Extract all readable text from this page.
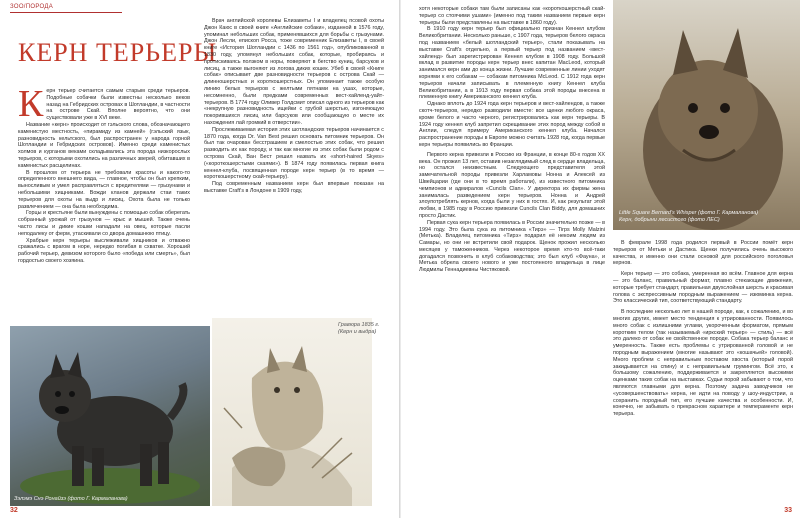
ЗОО/ПОРОДА
КЕРН ТЕРЬЕРЫ
К ерн терьер считается самым старым среди терьеров. Подобные собачки были известны несколько веков назад на Гебридских островах в Шотландии, в частности на острове Скай. Вполне вероятно, что они существовали уже в XVI веке.

Название «керн» происходит от гэльского слова, обозначающего каменистую местность, «пирамиду из камней» (гэльский язык, разновидность кельтского, был распространен у народа горной Шотландии и Гебридских островов). Именно среди каменистых холмов и курганов веками складывались эта порода низкорослых терьеров, с которыми охотились на различных зверей, обитавших в каменистых расщелинах.

В прошлом от терьера не требовали красоты и какого-то определенного внешнего вида, — главное, чтобы он был крепким, выносливым и умел расправляться с вредителями — грызунами и небольшими хищниками. Вожди кланов держали стаи таких терьеров для охоты на выдр и лисиц. Охота была не только развлечением — она была необходима.

Горцы и крестьяне были вынуждены с помощью собак оберегать собранный урожай от грызунов — крыс и мышей. Также очень часто лисы и дикие кошки нападали на овец, которые пасли неподалеку от ферм, утаскивали со двора домашнюю птицу.

Храбрые керн терьеры выслеживали хищников и отважно сражались с врагом в норе, нередко погибая в схватке. Хороший рабочий терьер, девизом которого было «победа или смерть», был гордостью своего хозяина.

Врач английской королевы Елизаветы I и владелец псовой охоты Джон Каюс в своей книге «Английские собаки», изданной в 1576 году, упоминал небольших собак, применявшихся для борьбы с грызунами. Джон Лесли, епископ Росса, тоже современник Елизаветы I, в своей книге «История Шотландии с 1436 по 1561 год», опубликованной в 1830 году, упомянул небольших собак, которые, пробираясь и протискиваясь ползком в норы, поверяют в бегство куниц, барсуков и лисиц, а также выгоняют из логова диких кошек. Убеб в своей «Книге собак» описывает две разновидности терьеров с острова Скай — длинношерстных и короткошерстных. Он упоминает также особую линию белых терьеров с желтыми пятнами на ушах, которые, несомненно, были предками современных вест-хайленд-уайт-терьеров. В 1774 году Оливер Голдсмит описал одного из терьеров как «некрупную разновидность ищейки с грубой шерстью, изгоняющую покорившихся лисиц или барсуков или сообщающую о месте их нахождения лай громкий в отверстии».

Прослеживаемая история этих шотландских терьеров начинается с 1870 года, когда Dr. Van Best решил основать питомник терьеров. Он был так очарован бесстрашием и смелостью этих собак, что решил разводить их как породу, и так как многие из этих собак были родом с острова Скай, Ван Бест решил назвать их «short-haired Skyes» («короткошерстыми скаями»). В 1874 году появилась первая книга кеннел-клуба, посвященная породе керн терьер (в то время — короткошерстному скай-терьеру).

Под современным названием керн был впервые показан на выставке Craft's в Лондоне в 1909 году,

Зэлэмэ Снэ Ронайзэ (фото Г. Кармаланова)
Гравюра 1835 г.
(Керн и выдра)
32

хотя некоторые собаки там были записаны как «короткошерстный скай-терьер со стоячими ушами» (именно под таким названием первые керн терьеры были представлены на выставке в 1860 году).

В 1910 году керн терьер был официально признан Кеннел клубом Великобритании. Несколько раньше, с 1907 года, терьеров белого окраса под названием «белый шотландский терьер», стали показывать на выставке Craft's отдельно, а первый терьер под названием «вест-хайленд» был зарегистрирован Кеннел клубом в 1908 году. Большой вклад в развитие породы керн терьер внес капитан MacLeod, который занимался керн ами до конца жизни. Лучшие современные линии уходят корнями к его собакам — собакам питомника McLeod. С 1912 года керн терьеров начали записывать в племенную книгу Кеннел клуба Великобритании, а в 1913 году первая собака этой породы внесена в племенную книгу Американского кеннел клуба.

Однако вплоть до 1924 года керн терьеров и вест-хайлендов, а также скотч-терьеров, нередко разводили вместе: все щенки любого окраса, кроме белого и часто черного, регистрировались как керн терьеры. В 1924 году кеннел клуб запретил скрещивание этих пород между собой в Англии, следуя примеру Американского кеннел клуба. Начался распространение породы в Европе можно считать 1928 год, когда первые керн терьеры появились во Франции.

Первого керна привезли в Россию из Франции, в конце 80-х годов XX века. Он прожил 13 лет, оставив незаглядимый след в сердце владельца, но остался неизвестным. Следующего представителя этой замечательной породы привезли Харламовы Нонна и Алексей из Швейцарии (где они в то время работали), из известного питомника чемпионов и адмиралов «Cuncils Clan». У директора их фирмы жена занималась разведением керн терьеров. Нонна и Андрей злоупотреблять кернов, когда были у них в гостях. И, как результат этой любви, в 1985 году в Россию привезли Cuncils Clan Biddy, для домашних просто Дастик.

Первая сука керн терьера появилась в России значительно позже — в 1994 году. Это была сука из питомника «Тирэ» — Tirps Molly Malzini (Метька). Владелец питомника «Тирэ» подарил её некоим людям из Самары, но они не встретили свой подарок. Щенок прожил несколько месяцев у таможенников. Через некоторое время кто-то всё-таки догадался позвонить в клуб собаководства; это был клуб «Фауна», и Метька обрела своего нового и уже постоянного владельца в лице Людмилы Геннадиевны Чистяковой.

Little Square Bernard's Whisper (фото Г. Кармаланова)
Керн, добрыни лесистого (фото ЛЕС)

В феврале 1998 года родился первый в России помёт керн терьеров от Метьки и Дастика. Щенки получились очень высокого качества, и именно они стали основой для российского поголовья кернов.

Керн терьер — это собака, умеренная во всём. Главное для керна — это баланс, правильный формат, плавно стекающие движения, которые требует стандарт, правильная двухслойная шерсть и красивая голова с экспрессивным породным выражением — изюминка керна. Это классический тип, соответствующий стандарту.

В последние несколько лет в нашей породе, как, к сожалению, и во многих других, имеет место тенденция к утрированности. Появилось много собак с излишними углами, укороченным форматом, прямым коротким телом (так называемый «иркский терьер» — стиль) — всё это далеко от собак не свойственное породе. Собака терьер баланс и умеренность. Также есть проблемы с утрированной головой и не породным выражением (многие называют это «кошачьей» головой). Много проблем с неправильным поставом хвоста (который порой закидывается на спину) и с неправильным грумингом. Всё это, к большому сожалению, поддерживается и закрепляется высокими оценками таких собак на выставках. Судьи порой забывают о том, что являются главными для керна. Поэтому задача заводчиков не «усовершенствовать» керна, не идти на поводу у шоу-индустрии, а сохранить породный тип, его лучшие качества и особенности. И, конечно, не забывать о прекрасном характере и темпераменте керн терьера.

33
